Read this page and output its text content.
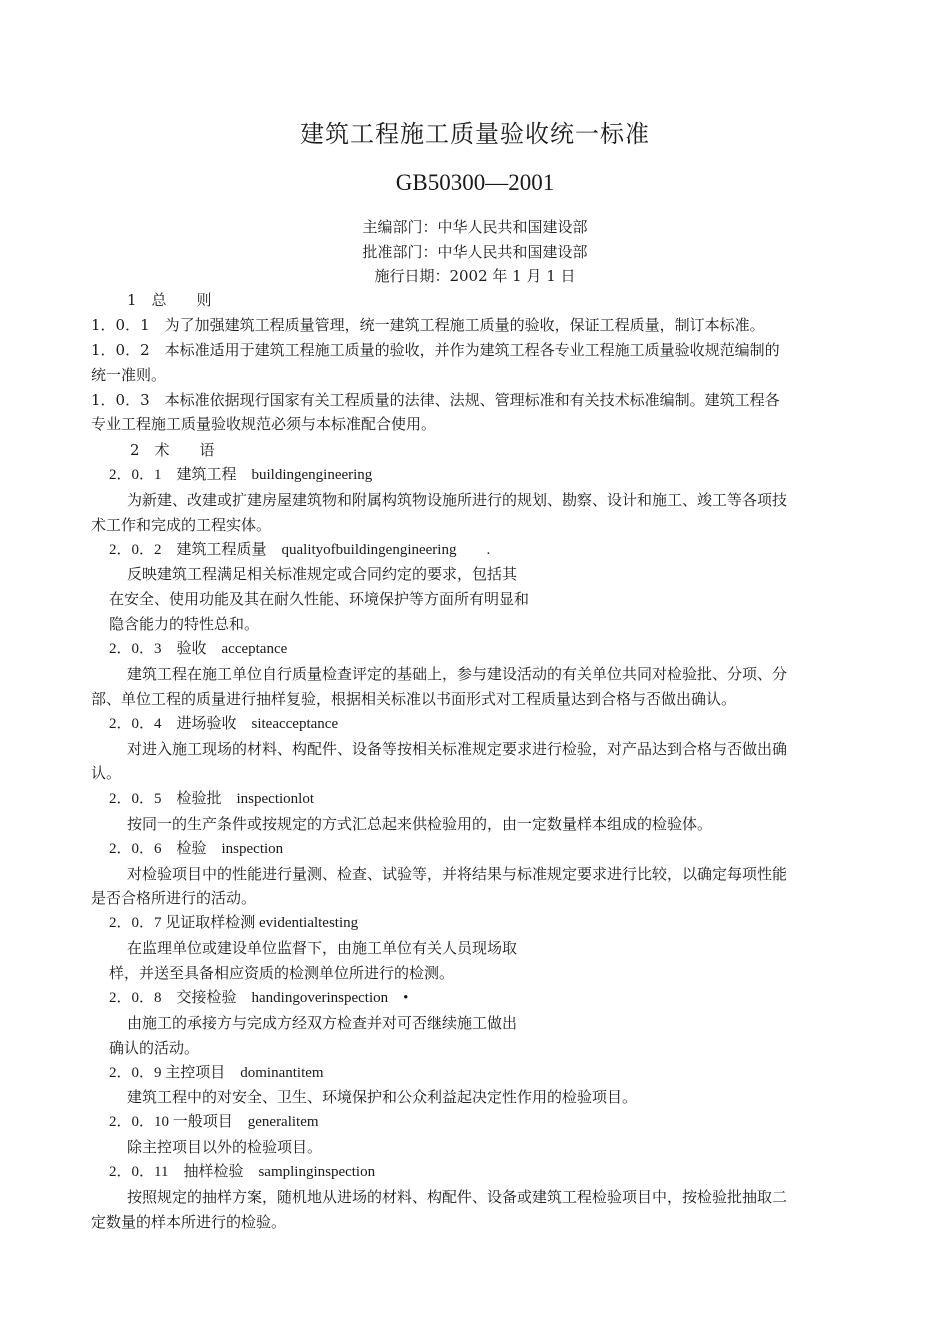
建筑工程施工质量验收统一标准
GB50300—2001
主编部门：中华人民共和国建设部
批准部门：中华人民共和国建设部
施行日期：2002 年 1 月 1 日
1　总　　则
1．0．1　为了加强建筑工程质量管理，统一建筑工程施工质量的验收，保证工程质量，制订本标准。
1．0．2　本标准适用于建筑工程施工质量的验收，并作为建筑工程各专业工程施工质量验收规范编制的
统一准则。
1．0．3　本标准依据现行国家有关工程质量的法律、法规、管理标准和有关技术标准编制。建筑工程各
专业工程施工质量验收规范必须与本标准配合使用。
2　术　　语
2．0．1　建筑工程　buildingengineering
为新建、改建或扩建房屋建筑物和附属构筑物设施所进行的规划、勘察、设计和施工、竣工等各项技
术工作和完成的工程实体。
2．0．2　建筑工程质量　qualityofbuildingengineering　　.
反映建筑工程满足相关标准规定或合同约定的要求，包括其
在安全、使用功能及其在耐久性能、环境保护等方面所有明显和
隐含能力的特性总和。
2．0．3　验收　acceptance
建筑工程在施工单位自行质量检查评定的基础上，参与建设活动的有关单位共同对检验批、分项、分
部、单位工程的质量进行抽样复验，根据相关标准以书面形式对工程质量达到合格与否做出确认。
2．0．4　进场验收　siteacceptance
对进入施工现场的材料、构配件、设备等按相关标准规定要求进行检验，对产品达到合格与否做出确
认。
2．0．5　检验批　inspectionlot
按同一的生产条件或按规定的方式汇总起来供检验用的，由一定数量样本组成的检验体。
2．0．6　检验　inspection
对检验项目中的性能进行量测、检查、试验等，并将结果与标准规定要求进行比较，以确定每项性能
是否合格所进行的活动。
2．0．7 见证取样检测 evidentialtesting
在监理单位或建设单位监督下，由施工单位有关人员现场取
样，并送至具备相应资质的检测单位所进行的检测。
2．0．8　交接检验　handingoverinspection　•
由施工的承接方与完成方经双方检查并对可否继续施工做出
确认的活动。
2．0．9 主控项目　dominantitem
建筑工程中的对安全、卫生、环境保护和公众利益起决定性作用的检验项目。
2．0．10 一般项目　generalitem
除主控项目以外的检验项目。
2．0．11　抽样检验　samplinginspection
按照规定的抽样方案，随机地从进场的材料、构配件、设备或建筑工程检验项目中，按检验批抽取二
定数量的样本所进行的检验。
